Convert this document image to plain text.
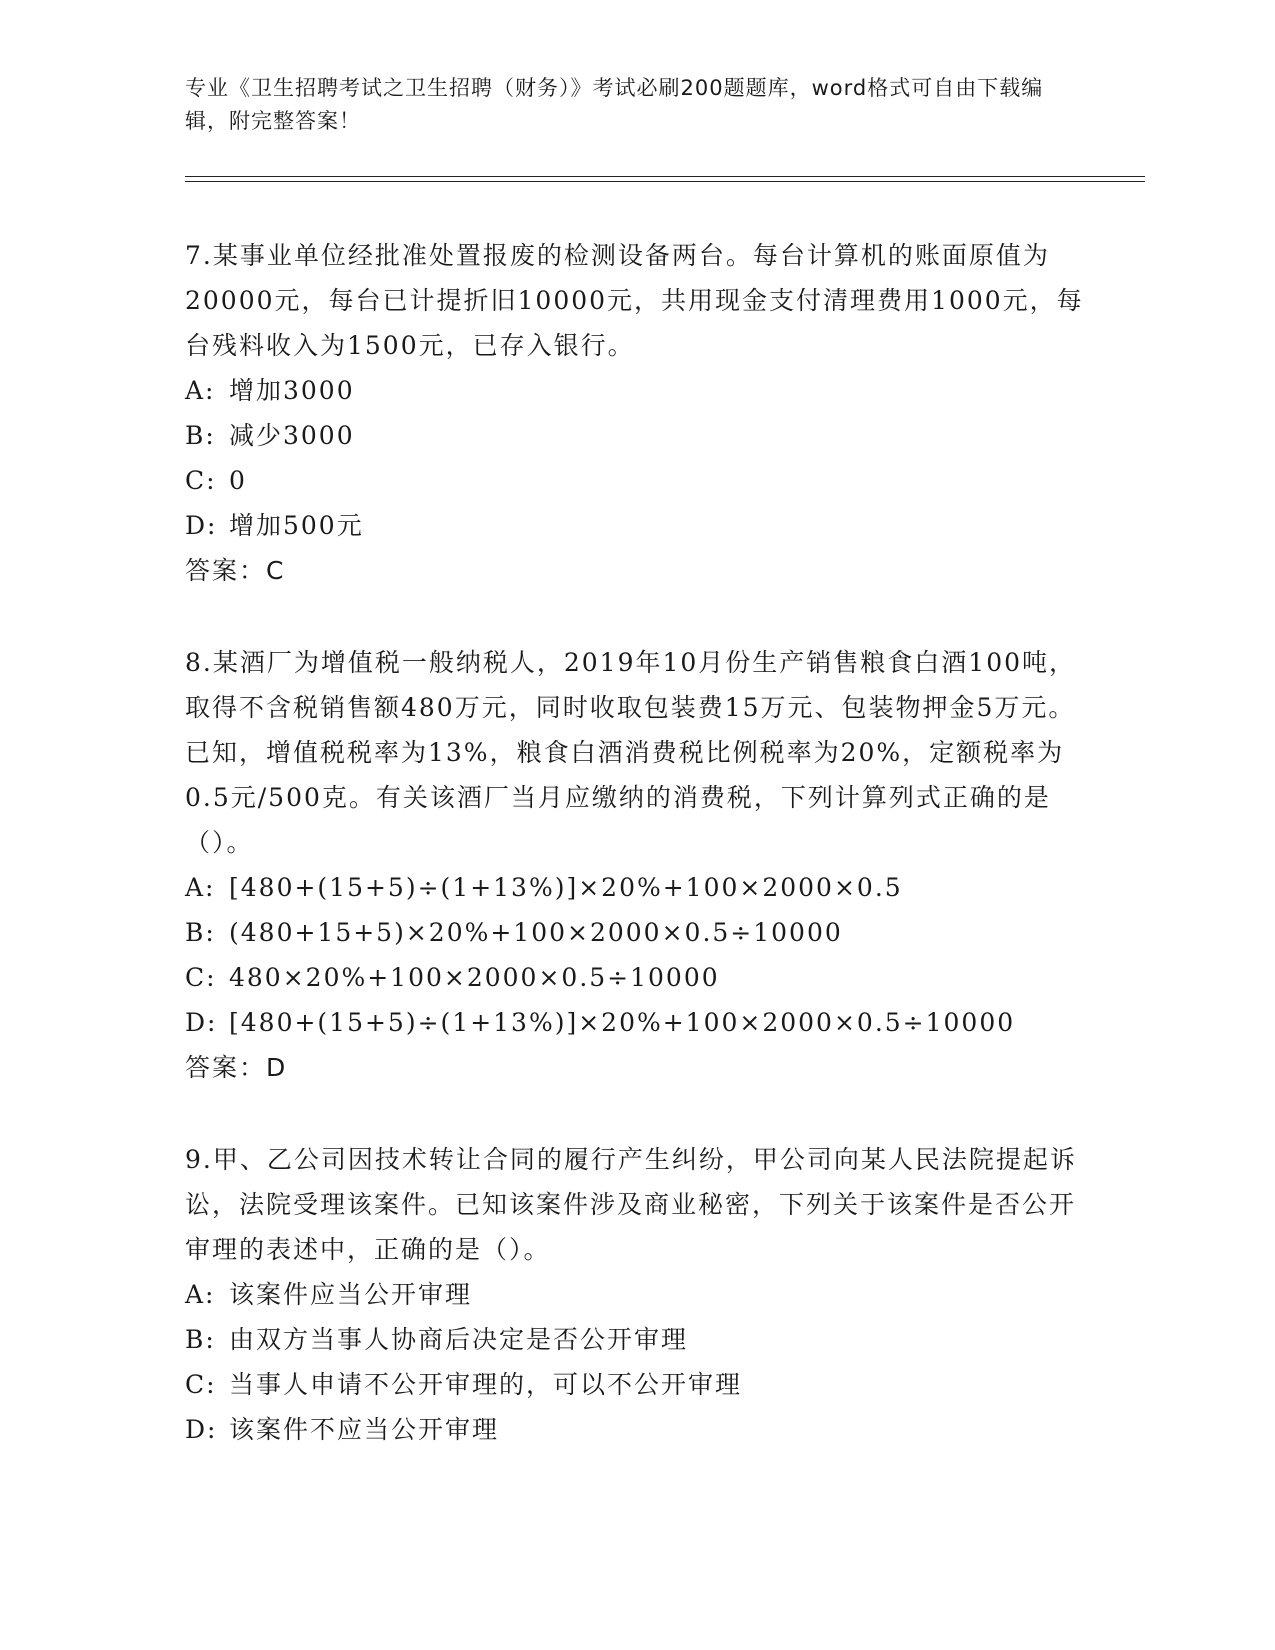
专业《卫生招聘考试之卫生招聘（财务）》考试必刷200题题库，word格式可自由下载编辑，附完整答案！

7.某事业单位经批准处置报废的检测设备两台。每台计算机的账面原值为20000元，每台已计提折旧10000元，共用现金支付清理费用1000元，每台残料收入为1500元，已存入银行。

A: 增加3000

B: 减少3000

C: 0

D: 增加500元

答案：C

8.某酒厂为增值税一般纳税人，2019年10月份生产销售粮食白酒100吨，取得不含税销售额480万元，同时收取包装费15万元、包装物押金5万元。已知，增值税税率为13%，粮食白酒消费税比例税率为20%，定额税率为0.5元/500克。有关该酒厂当月应缴纳的消费税，下列计算列式正确的是（）。

A: [480+(15+5)÷(1+13%)]×20%+100×2000×0.5

B: (480+15+5)×20%+100×2000×0.5÷10000

C: 480×20%+100×2000×0.5÷10000

D: [480+(15+5)÷(1+13%)]×20%+100×2000×0.5÷10000

答案：D

9.甲、乙公司因技术转让合同的履行产生纠纷，甲公司向某人民法院提起诉讼，法院受理该案件。已知该案件涉及商业秘密，下列关于该案件是否公开审理的表述中，正确的是（）。

A: 该案件应当公开审理

B: 由双方当事人协商后决定是否公开审理

C: 当事人申请不公开审理的，可以不公开审理

D: 该案件不应当公开审理
